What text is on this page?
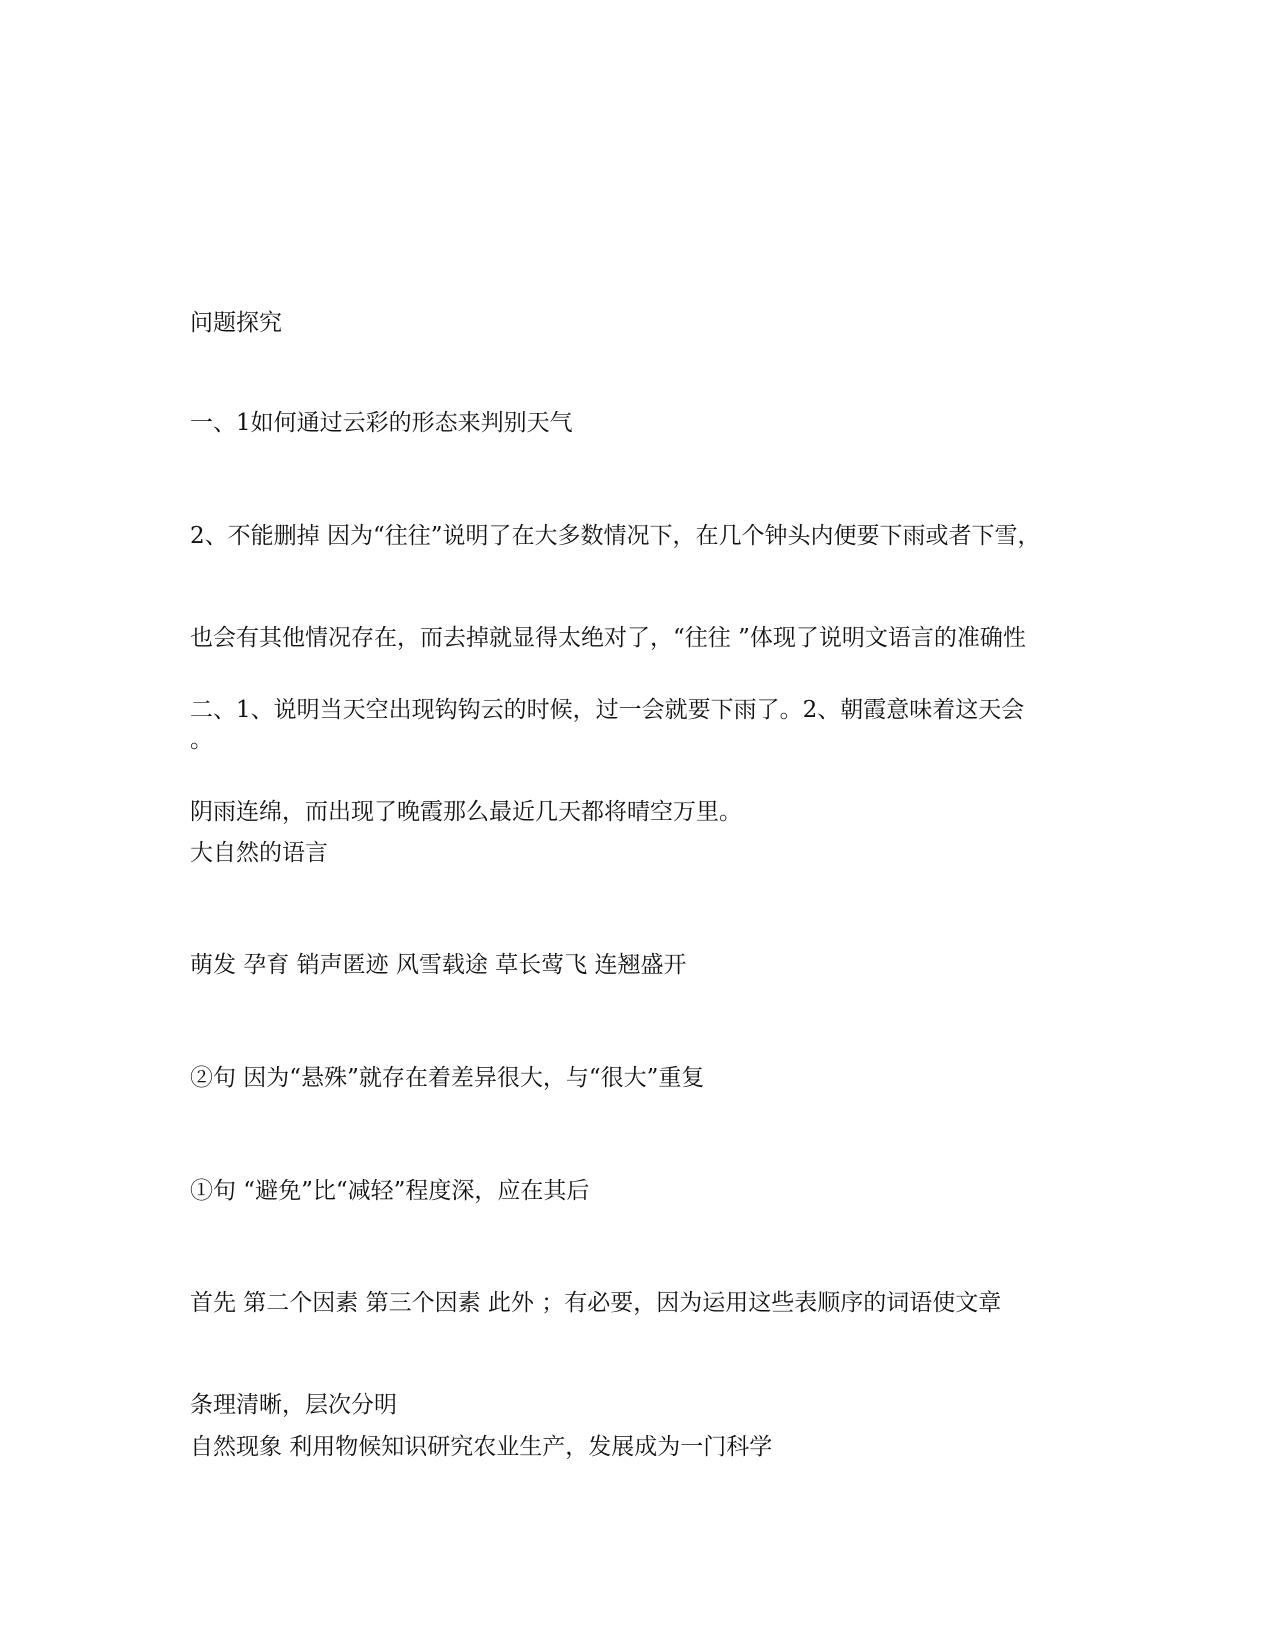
问题探究

一、1如何通过云彩的形态来判别天气

2、不能删掉 因为“往往”说明了在大多数情况下，在几个钟头内便要下雨或者下雪，

也会有其他情况存在，而去掉就显得太绝对了，“往往 ”体现了说明文语言的准确性

。

二、1、说明当天空出现钩钩云的时候，过一会就要下雨了。2、朝霞意味着这天会

阴雨连绵，而出现了晚霞那么最近几天都将晴空万里。

大自然的语言

萌发 孕育 销声匿迹 风雪载途 草长莺飞 连翘盛开

②句 因为“悬殊”就存在着差异很大，与“很大”重复

①句 “避免”比“减轻”程度深，应在其后

首先 第二个因素 第三个因素 此外 ；有必要，因为运用这些表顺序的词语使文章

条理清晰，层次分明

自然现象 利用物候知识研究农业生产，发展成为一门科学
